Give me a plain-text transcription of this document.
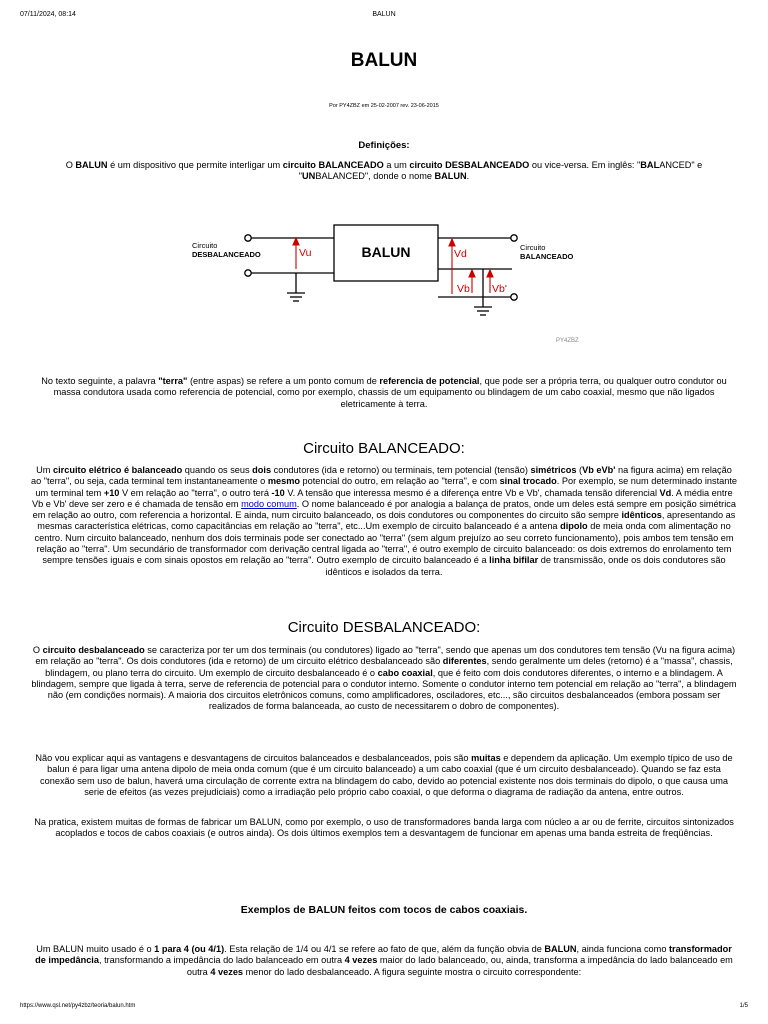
07/11/2024, 08:14	BALUN
BALUN
Por PY4ZBZ em 25-02-2007 rev. 23-06-2015
Definições:

O BALUN é um dispositivo que permite interligar um circuito BALANCEADO a um circuito DESBALANCEADO ou vice-versa. Em inglês: "BALANCED" e "UNBALANCED", donde o nome BALUN.

BALUN
Circuito
DESBALANCEADO
Circuito
BALANCEADO
Vu	Vd
Vb Vb'
PY4ZBZ

No texto seguinte, a palavra "terra" (entre aspas) se refere a um ponto comum de referencia de potencial, que pode ser a própria terra, ou qualquer outro condutor ou massa condutora usada como referencia de potencial, como por exemplo, chassis de um equipamento ou blindagem de um cabo coaxial, mesmo que não ligados eletricamente à terra.

Circuito BALANCEADO:

Um circuito elétrico é balanceado quando os seus dois condutores (ida e retorno) ou terminais, tem potencial (tensão) simétricos (Vb eVb' na figura acima) em relação ao "terra", ou seja, cada terminal tem instantaneamente o mesmo potencial do outro, em relação ao "terra", e com sinal trocado. Por exemplo, se num determinado instante um terminal tem +10 V em relação ao "terra", o outro terá -10 V. A tensão que interessa mesmo é a diferença entre Vb e Vb', chamada tensão diferencial Vd. A média entre Vb e Vb' deve ser zero e é chamada de tensão em modo comum. O nome balanceado é por analogia a balança de pratos, onde um deles está sempre em posição simétrica em relação ao outro, com referencia a horizontal. E ainda, num circuito balanceado, os dois condutores ou componentes do circuito são sempre idênticos, apresentando as mesmas característica elétricas, como capacitâncias em relação ao "terra", etc...Um exemplo de circuito balanceado é a antena dipolo de meia onda com alimentação no centro. Num circuito balanceado, nenhum dos dois terminais pode ser conectado ao "terra" (sem algum prejuízo ao seu correto funcionamento), pois ambos tem tensão em relação ao "terra". Um secundário de transformador com derivação central ligada ao "terra", é outro exemplo de circuito balanceado: os dois extremos do enrolamento tem sempre tensões iguais e com sinais opostos em relação ao "terra". Outro exemplo de circuito balanceado é a linha bifilar de transmissão, onde os dois condutores são idênticos e isolados da terra.

Circuito DESBALANCEADO:

O circuito desbalanceado se caracteriza por ter um dos terminais (ou condutores) ligado ao "terra", sendo que apenas um dos condutores tem tensão (Vu na figura acima) em relação ao "terra". Os dois condutores (ida e retorno) de um circuito elétrico desbalanceado são diferentes, sendo geralmente um deles (retorno) é a "massa", chassis, blindagem, ou plano terra do circuito. Um exemplo de circuito desbalanceado é o cabo coaxial, que é feito com dois condutores diferentes, o interno e a blindagem. A blindagem, sempre que ligada à terra, serve de referencia de potencial para o condutor interno. Somente o condutor interno tem potencial em relação ao "terra", a blindagem não (em condições normais). A maioria dos circuitos eletrônicos comuns, como amplificadores, osciladores, etc..., são circuitos desbalanceados (embora possam ser realizados de forma balanceada, ao custo de necessitarem o dobro de componentes).

Não vou explicar aqui as vantagens e desvantagens de circuitos balanceados e desbalanceados, pois são muitas e dependem da aplicação. Um exemplo típico de uso de balun é para ligar uma antena dipolo de meia onda comum (que é um circuito balanceado) a um cabo coaxial (que é um circuito desbalanceado). Quando se faz esta conexão sem uso de balun, haverá uma circulação de corrente extra na blindagem do cabo, devido ao potencial existente nos dois terminais do dipolo, o que causa uma serie de efeitos (as vezes prejudiciais) como a irradiação pelo próprio cabo coaxial, o que deforma o diagrama de radiação da antena, entre outros.

Na pratica, existem muitas de formas de fabricar um BALUN, como por exemplo, o uso de transformadores banda larga com núcleo a ar ou de ferrite, circuitos sintonizados acoplados e tocos de cabos coaxiais (e outros ainda). Os dois últimos exemplos tem a desvantagem de funcionar em apenas uma banda estreita de freqüências.

Exemplos de BALUN feitos com tocos de cabos coaxiais.

Um BALUN muito usado é o 1 para 4 (ou 4/1). Esta relação de 1/4 ou 4/1 se refere ao fato de que, além da função obvia de BALUN, ainda funciona como transformador de impedância, transformando a impedância do lado balanceado em outra 4 vezes maior do lado balanceado, ou, ainda, transforma a impedância do lado balanceado em outra 4 vezes menor do lado desbalanceado. A figura seguinte mostra o circuito correspondente:

https://www.qsl.net/py4zbz/teoria/balun.htm	1/5
